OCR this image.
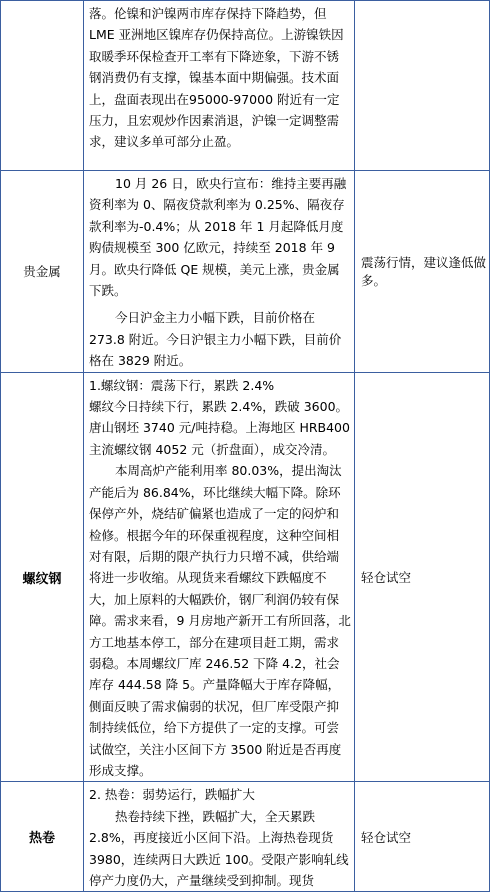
	落。伦镍和沪镍两市库存保持下降趋势，但 LME 亚洲地区镍库存仍保持高位。上游镍铁因取暖季环保检查开工率有下降迹象，下游不锈钢消费仍有支撑，镍基本面中期偏强。技术面上，盘面表现出在95000-97000 附近有一定压力，且宏观炒作因素消退，沪镍一定调整需求，建议多单可部分止盈。	

贵金属	10 月 26 日，欧央行宣布：维持主要再融资利率为 0、隔夜贷款利率为 0.25%、隔夜存 款利率为-0.4%；从 2018 年 1 月起降低月度购债规模至 300 亿欧元，持续至 2018 年 9 月。欧央行降低 QE 规模，美元上涨，贵金属下跌。

今日沪金主力小幅下跌，目前价格在 273.8 附近。今日沪银主力小幅下跌，目前价格在 3829 附近。	震荡行情，建议逢低做多。
螺纹钢	1.螺纹钢：震荡下行，累跌 2.4%

螺纹今日持续下行，累跌 2.4%，跌破 3600。唐山钢坯 3740 元/吨持稳。上海地区 HRB400 主流螺纹钢 4052 元（折盘面），成交冷清。

本周高炉产能利用率 80.03%，提出淘汰产能后为 86.84%，环比继续大幅下降。除环保停产外，烧结矿偏紧也造成了一定的闷炉和检修。根据今年的环保重视程度，这种空间相对有限，后期的限产执行力只增不减，供给端将进一步收缩。从现货来看螺纹下跌幅度不大，加上原料的大幅跌价，钢厂利润仍较有保障。需求来看，9 月房地产新开工有所回落，北方工地基本停工，部分在建项目赶工期，需求弱稳。本周螺纹厂库 246.52 下降 4.2，社会库存 444.58 降 5。产量降幅大于库存降幅，侧面反映了需求偏弱的状况，但厂库受限产抑制持续低位，给下方提供了一定的支撑。可尝试做空，关注小区间下方 3500 附近是否再度形成支撑。	轻仓试空
热卷	2. 热卷：弱势运行，跌幅扩大

热卷持续下挫，跌幅扩大，全天累跌 2.8%，再度接近小区间下沿。上海热卷现货 3980，连续两日大跌近 100。受限产影响轧线停产力度仍大，产量继续受到抑制。现货	轻仓试空
